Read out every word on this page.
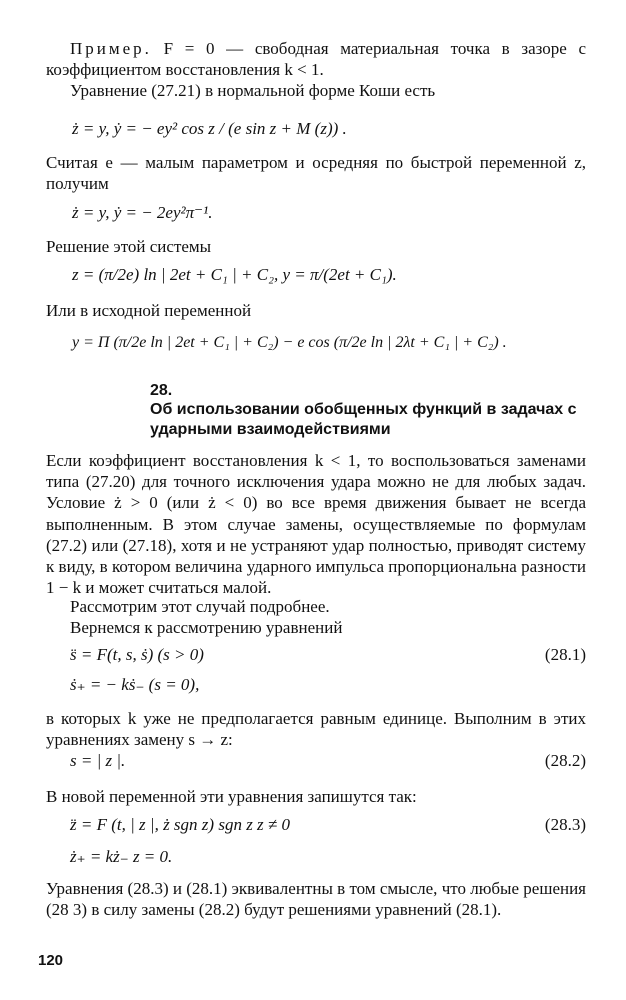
Пример. F = 0 — свободная материальная точка в зазоре с коэффициентом восстановления k < 1.
Уравнение (27.21) в нормальной форме Коши есть
ż = y, ẏ = − ey² cos z / (e sin z + M (z)) .
Считая e — малым параметром и осредняя по быстрой переменной z, получим
ż = y, ẏ = − 2ey²π⁻¹.
Решение этой системы
z = (π/2e) ln | 2et + C₁ | + C₂, y = π/(2et + C₁).
Или в исходной переменной
y = Π (π/2e ln | 2et + C₁ | + C₂) − e cos (π/2e ln | 2λt + C₁ | + C₂) .
28.
Об использовании обобщенных функций в задачах с ударными взаимодействиями
Если коэффициент восстановления k < 1, то воспользоваться заменами типа (27.20) для точного исключения удара можно не для любых задач. Условие ż > 0 (или ż < 0) во все время движения бывает не всегда выполненным. В этом случае замены, осуществляемые по формулам (27.2) или (27.18), хотя и не устраняют удар полностью, приводят систему к виду, в котором величина ударного импульса пропорциональна разности 1 − k и может считаться малой.
Рассмотрим этот случай подробнее.
Вернемся к рассмотрению уравнений
s̈ = F(t, s, ṡ) (s > 0)	(28.1)
ṡ₊ = − kṡ₋ (s = 0),
в которых k уже не предполагается равным единице. Выполним в этих уравнениях замену s → z:
s = | z |.	(28.2)
В новой переменной эти уравнения запишутся так:
z̈ = F (t, | z |, ż sgn z) sgn z z ≠ 0	(28.3)
ż₊ = kż₋ z = 0.
Уравнения (28.3) и (28.1) эквивалентны в том смысле, что любые решения (28 3) в силу замены (28.2) будут решениями уравнений (28.1).
120
